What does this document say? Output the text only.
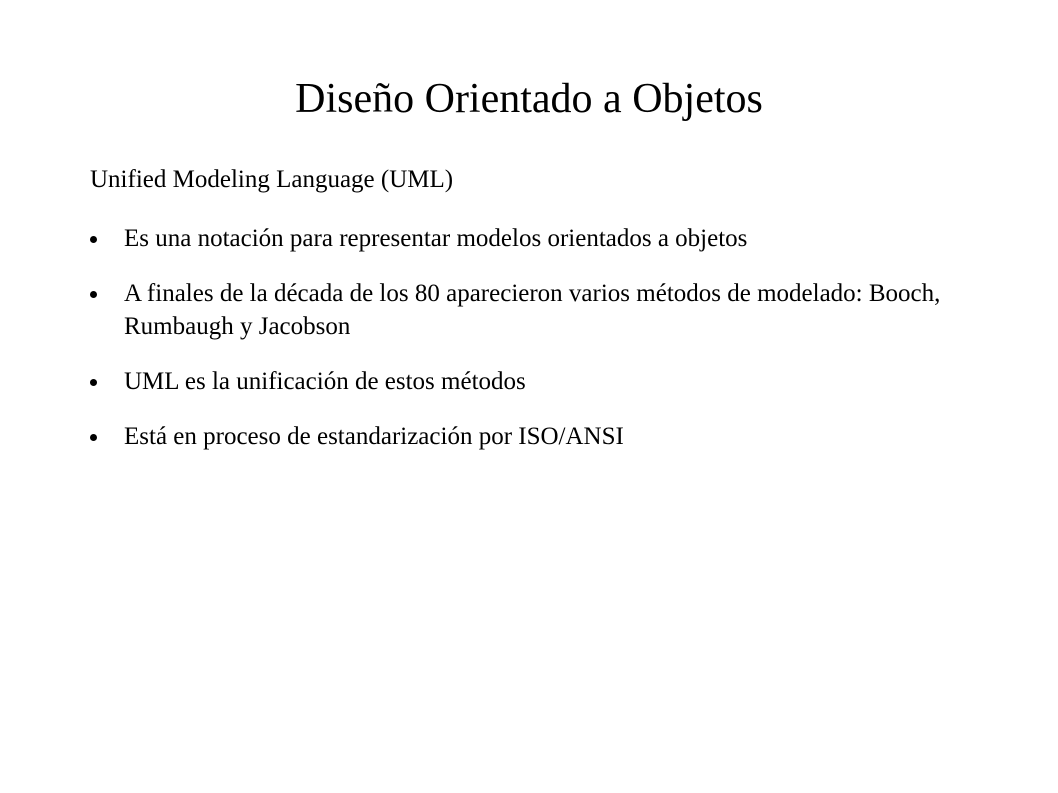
Diseño Orientado a Objetos

Unified Modeling Language (UML)

Es una notación para representar modelos orientados a objetos
A finales de la década de los 80 aparecieron varios métodos de modelado: Booch, Rumbaugh y Jacobson
UML es la unificación de estos métodos
Está en proceso de estandarización por ISO/ANSI
